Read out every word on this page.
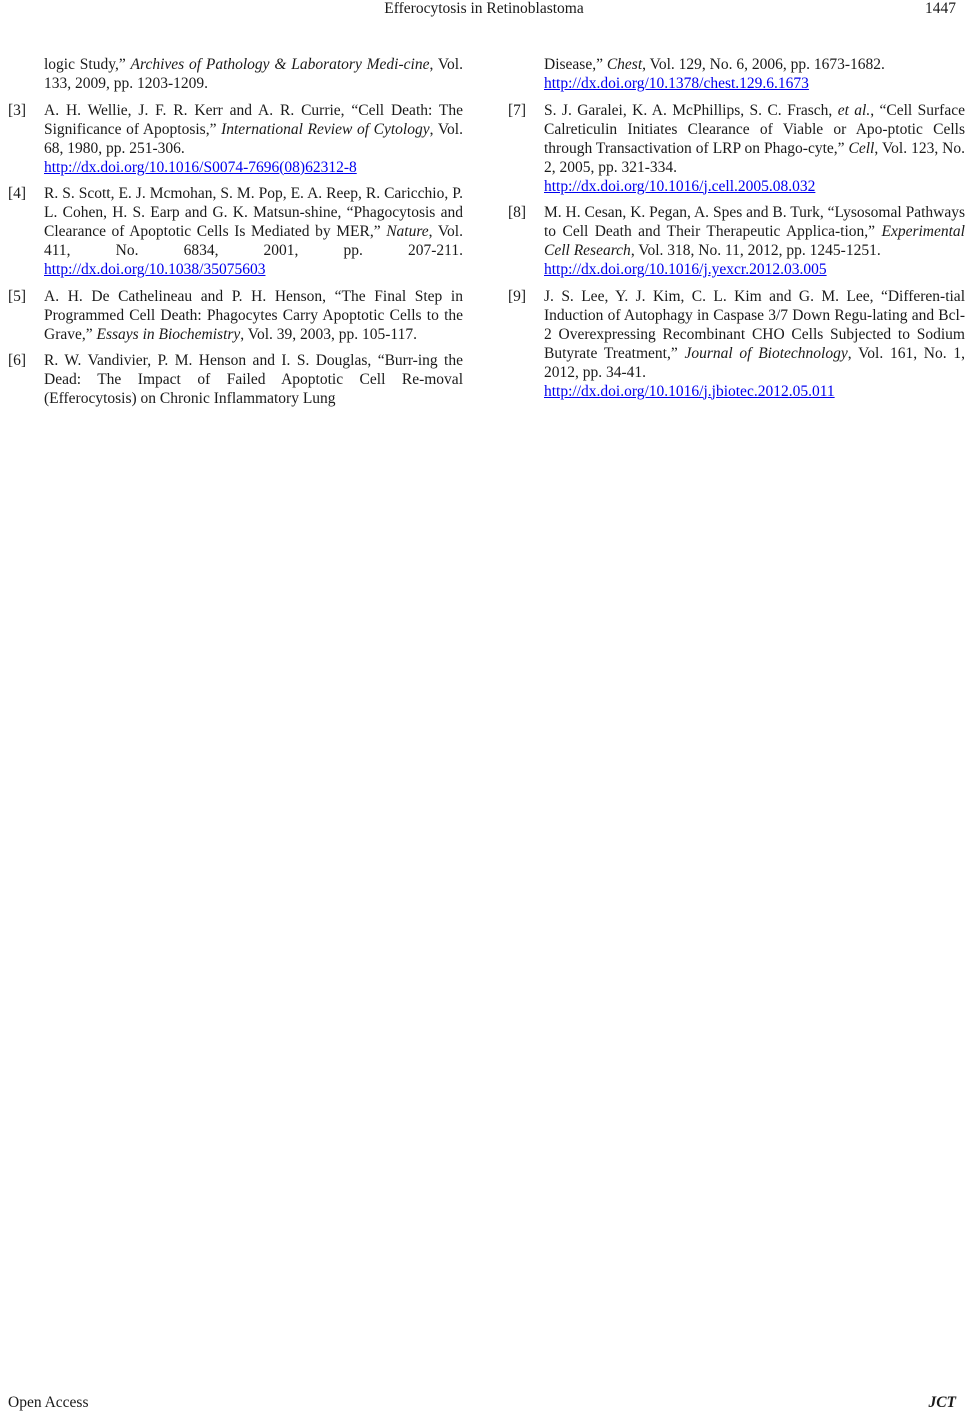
Efferocytosis in Retinoblastoma	1447
logic Study,” Archives of Pathology & Laboratory Medi-cine, Vol. 133, 2009, pp. 1203-1209.
[3] A. H. Wellie, J. F. R. Kerr and A. R. Currie, “Cell Death: The Significance of Apoptosis,” International Review of Cytology, Vol. 68, 1980, pp. 251-306.
http://dx.doi.org/10.1016/S0074-7696(08)62312-8
[4] R. S. Scott, E. J. Mcmohan, S. M. Pop, E. A. Reep, R. Caricchio, P. L. Cohen, H. S. Earp and G. K. Matsun-shine, “Phagocytosis and Clearance of Apoptotic Cells Is Mediated by MER,” Nature, Vol. 411, No. 6834, 2001, pp. 207-211. http://dx.doi.org/10.1038/35075603
[5] A. H. De Cathelineau and P. H. Henson, “The Final Step in Programmed Cell Death: Phagocytes Carry Apoptotic Cells to the Grave,” Essays in Biochemistry, Vol. 39, 2003, pp. 105-117.
[6] R. W. Vandivier, P. M. Henson and I. S. Douglas, “Burr-ing the Dead: The Impact of Failed Apoptotic Cell Re-moval (Efferocytosis) on Chronic Inflammatory Lung
Disease,” Chest, Vol. 129, No. 6, 2006, pp. 1673-1682.
http://dx.doi.org/10.1378/chest.129.6.1673
[7] S. J. Garalei, K. A. McPhillips, S. C. Frasch, et al., “Cell Surface Calreticulin Initiates Clearance of Viable or Apo-ptotic Cells through Transactivation of LRP on Phago-cyte,” Cell, Vol. 123, No. 2, 2005, pp. 321-334.
http://dx.doi.org/10.1016/j.cell.2005.08.032
[8] M. H. Cesan, K. Pegan, A. Spes and B. Turk, “Lysosomal Pathways to Cell Death and Their Therapeutic Applica-tion,” Experimental Cell Research, Vol. 318, No. 11, 2012, pp. 1245-1251.
http://dx.doi.org/10.1016/j.yexcr.2012.03.005
[9] J. S. Lee, Y. J. Kim, C. L. Kim and G. M. Lee, “Differen-tial Induction of Autophagy in Caspase 3/7 Down Regu-lating and Bcl-2 Overexpressing Recombinant CHO Cells Subjected to Sodium Butyrate Treatment,” Journal of Biotechnology, Vol. 161, No. 1, 2012, pp. 34-41.
http://dx.doi.org/10.1016/j.jbiotec.2012.05.011
Open Access	JCT
